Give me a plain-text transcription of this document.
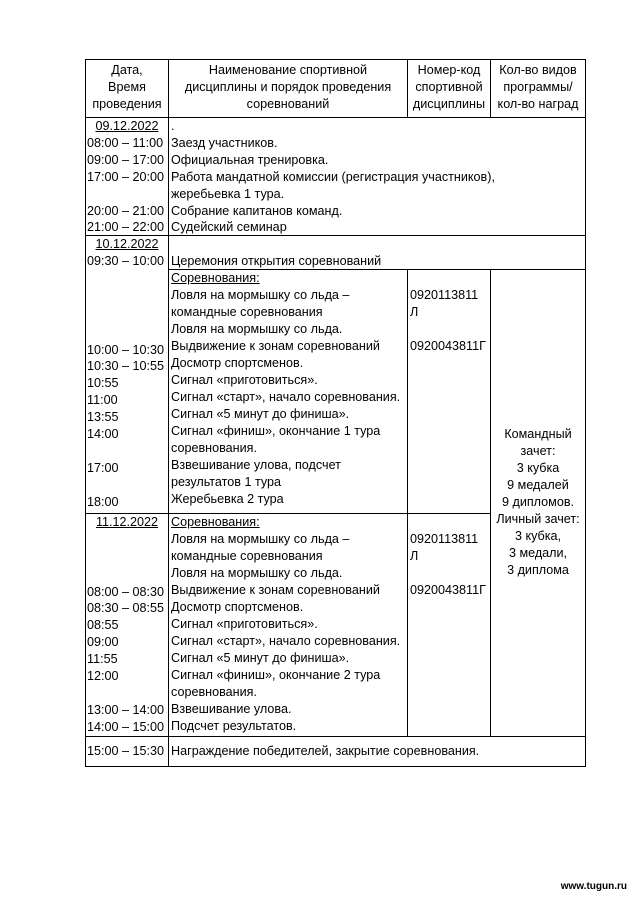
Дата,
Время
проведения
Наименование спортивной
дисциплины и порядок проведения
соревнований
Номер-код
спортивной
дисциплины
Кол-во видов
программы/
кол-во наград
09.12.2022 .
08:00 – 11:00
09:00 – 17:00
17:00 – 20:00
20:00 – 21:00
21:00 – 22:00
Заезд участников.
Официальная тренировка.
Работа мандатной комиссии (регистрация участников),
жеребьевка 1 тура.
Собрание капитанов команд.
Судейский семинар
10.12.2022
09:30 – 10:00 Церемония открытия соревнований
Соревнования:
Ловля на мормышку со льда –
командные соревнования
Ловля на мормышку со льда.
Выдвижение к зонам соревнований
Досмотр спортсменов.
Сигнал «приготовиться».
Сигнал «старт», начало соревнования.
Сигнал «5 минут до финиша».
Сигнал «финиш», окончание 1 тура
соревнования.
Взвешивание улова, подсчет
результатов 1 тура
Жеребьевка 2 тура
10:00 – 10:30
10:30 – 10:55
10:55
11:00
13:55
14:00
17:00
18:00
0920113811
Л
0920043811Г
Командный
зачет:
3 кубка
9 медалей
9 дипломов.
Личный зачет:
3 кубка,
3 медали,
3 диплома
11.12.2022	Соревнования:
Ловля на мормышку со льда –
командные соревнования
Ловля на мормышку со льда.
Выдвижение к зонам соревнований
Досмотр спортсменов.
Сигнал «приготовиться».
Сигнал «старт», начало соревнования.
Сигнал «5 минут до финиша».
Сигнал «финиш», окончание 2 тура
соревнования.
Взвешивание улова.
Подсчет результатов.
08:00 – 08:30
08:30 – 08:55
08:55
09:00
11:55
12:00
13:00 – 14:00
14:00 – 15:00
0920113811
Л
0920043811Г
15:00 – 15:30 Награждение победителей, закрытие соревнования.
www.tugun.ru
